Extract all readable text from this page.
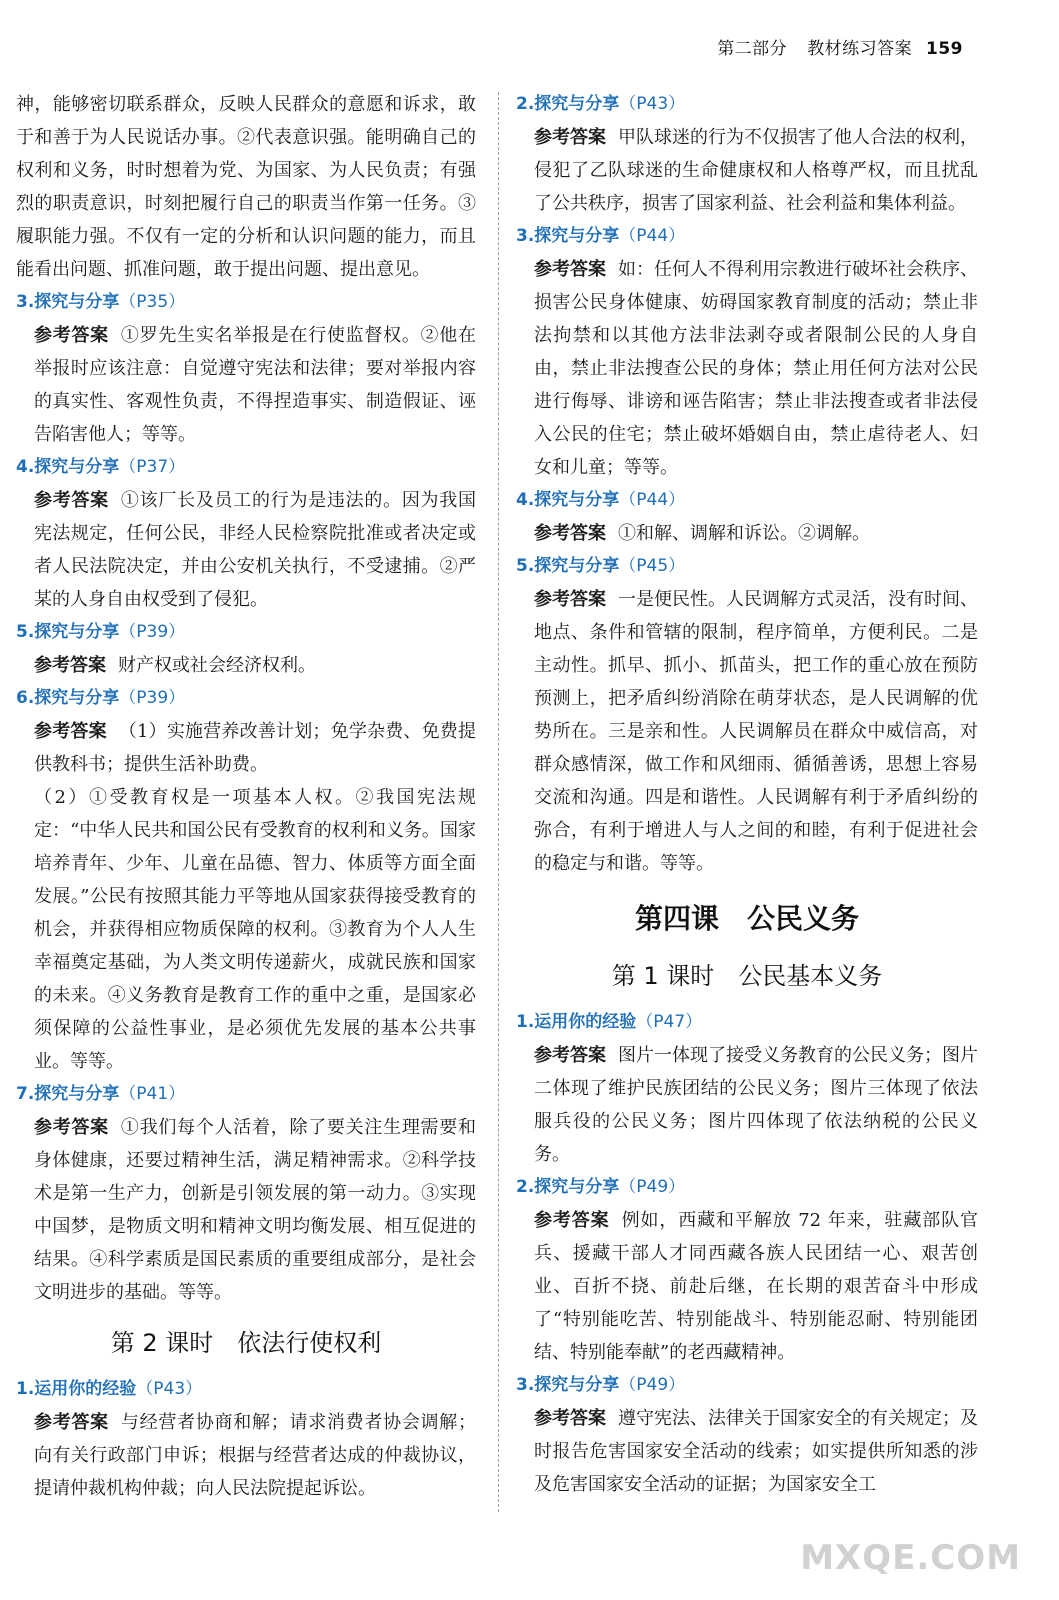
第二部分 教材练习答案 159

神，能够密切联系群众，反映人民群众的意愿和诉求，敢于和善于为人民说话办事。②代表意识强。能明确自己的权利和义务，时时想着为党、为国家、为人民负责；有强烈的职责意识，时刻把履行自己的职责当作第一任务。③履职能力强。不仅有一定的分析和认识问题的能力，而且能看出问题、抓准问题，敢于提出问题、提出意见。

3.探究与分享（P35）

参考答案 ①罗先生实名举报是在行使监督权。②他在举报时应该注意：自觉遵守宪法和法律；要对举报内容的真实性、客观性负责，不得捏造事实、制造假证、诬告陷害他人；等等。

4.探究与分享（P37）

参考答案 ①该厂长及员工的行为是违法的。因为我国宪法规定，任何公民，非经人民检察院批准或者决定或者人民法院决定，并由公安机关执行，不受逮捕。②严某的人身自由权受到了侵犯。

5.探究与分享（P39）

参考答案 财产权或社会经济权利。

6.探究与分享（P39）

参考答案 （1）实施营养改善计划；免学杂费、免费提供教科书；提供生活补助费。

（2）①受教育权是一项基本人权。②我国宪法规定：“中华人民共和国公民有受教育的权利和义务。国家培养青年、少年、儿童在品德、智力、体质等方面全面发展。”公民有按照其能力平等地从国家获得接受教育的机会，并获得相应物质保障的权利。③教育为个人人生幸福奠定基础，为人类文明传递薪火，成就民族和国家的未来。④义务教育是教育工作的重中之重，是国家必须保障的公益性事业，是必须优先发展的基本公共事业。等等。

7.探究与分享（P41）

参考答案 ①我们每个人活着，除了要关注生理需要和身体健康，还要过精神生活，满足精神需求。②科学技术是第一生产力，创新是引领发展的第一动力。③实现中国梦，是物质文明和精神文明均衡发展、相互促进的结果。④科学素质是国民素质的重要组成部分，是社会文明进步的基础。等等。

第 2 课时　依法行使权利

1.运用你的经验（P43）

参考答案 与经营者协商和解；请求消费者协会调解；向有关行政部门申诉；根据与经营者达成的仲裁协议，提请仲裁机构仲裁；向人民法院提起诉讼。

2.探究与分享（P43）

参考答案 甲队球迷的行为不仅损害了他人合法的权利，侵犯了乙队球迷的生命健康权和人格尊严权，而且扰乱了公共秩序，损害了国家利益、社会利益和集体利益。

3.探究与分享（P44）

参考答案 如：任何人不得利用宗教进行破坏社会秩序、损害公民身体健康、妨碍国家教育制度的活动；禁止非法拘禁和以其他方法非法剥夺或者限制公民的人身自由，禁止非法搜查公民的身体；禁止用任何方法对公民进行侮辱、诽谤和诬告陷害；禁止非法搜查或者非法侵入公民的住宅；禁止破坏婚姻自由，禁止虐待老人、妇女和儿童；等等。

4.探究与分享（P44）

参考答案 ①和解、调解和诉讼。②调解。

5.探究与分享（P45）

参考答案 一是便民性。人民调解方式灵活，没有时间、地点、条件和管辖的限制，程序简单，方便利民。二是主动性。抓早、抓小、抓苗头，把工作的重心放在预防预测上，把矛盾纠纷消除在萌芽状态，是人民调解的优势所在。三是亲和性。人民调解员在群众中威信高，对群众感情深，做工作和风细雨、循循善诱，思想上容易交流和沟通。四是和谐性。人民调解有利于矛盾纠纷的弥合，有利于增进人与人之间的和睦，有利于促进社会的稳定与和谐。等等。

第四课　公民义务
第 1 课时　公民基本义务

1.运用你的经验（P47）

参考答案 图片一体现了接受义务教育的公民义务；图片二体现了维护民族团结的公民义务；图片三体现了依法服兵役的公民义务；图片四体现了依法纳税的公民义务。

2.探究与分享（P49）

参考答案 例如，西藏和平解放 72 年来，驻藏部队官兵、援藏干部人才同西藏各族人民团结一心、艰苦创业、百折不挠、前赴后继，在长期的艰苦奋斗中形成了“特别能吃苦、特别能战斗、特别能忍耐、特别能团结、特别能奉献”的老西藏精神。

3.探究与分享（P49）

参考答案 遵守宪法、法律关于国家安全的有关规定；及时报告危害国家安全活动的线索；如实提供所知悉的涉及危害国家安全活动的证据；为国家安全工

MXQE.COM
